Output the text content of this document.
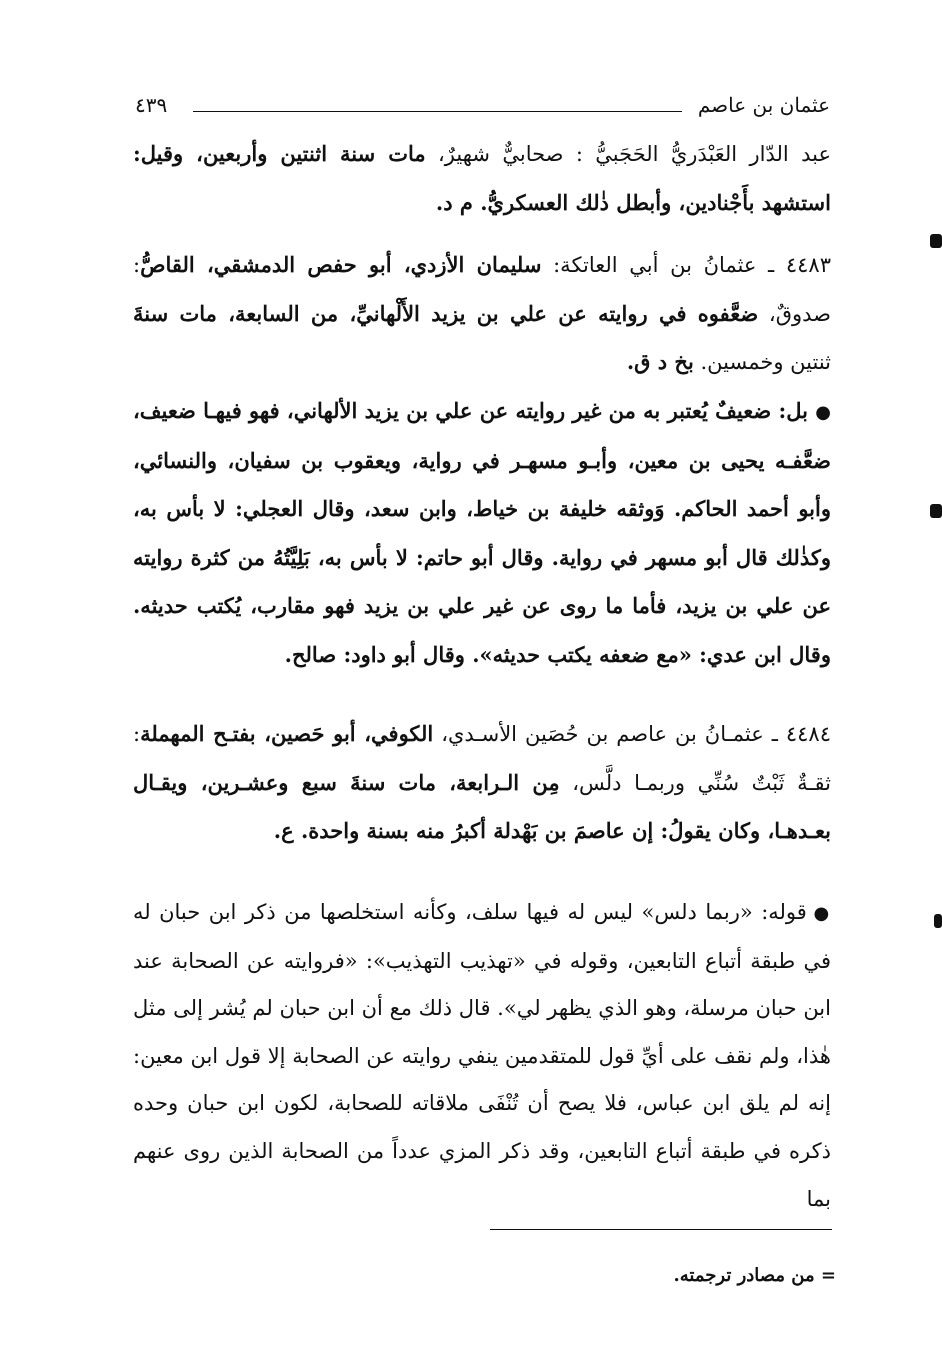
عثمان بن عاصم
٤٣٩

عبد الدّار العَبْدَريُّ الحَجَبيُّ : صحابيٌّ شهيرٌ، مات سنة اثنتين وأربعين، وقيل: استشهد بأَجْنادين، وأبطل ذٰلك العسكريُّ. م د.

٤٤٨٣ ـ عثمانُ بن أبي العاتكة: سليمان الأزدي، أبو حفص الدمشقي، القاصُّ: صدوقٌ، ضعَّفوه في روايته عن علي بن يزيد الأَلْهانيِّ، من السابعة، مات سنةَ ثنتين وخمسين. بخ د ق.

● بل: ضعيفٌ يُعتبر به من غير روايته عن علي بن يزيد الألهاني، فهو فيهـا ضعيف، ضعَّفـه يحيى بن معين، وأبـو مسهـر في رواية، ويعقوب بن سفيان، والنسائي، وأبو أحمد الحاكم. وَوثقه خليفة بن خياط، وابن سعد، وقال العجلي: لا بأس به، وكذٰلك قال أبو مسهر في رواية. وقال أبو حاتم: لا بأس به، بَلِيَّتُهُ من كثرة روايته عن علي بن يزيد، فأما ما روى عن غير علي بن يزيد فهو مقارب، يُكتب حديثه. وقال ابن عدي: «مع ضعفه يكتب حديثه». وقال أبو داود: صالح.

٤٤٨٤ ـ عثمـانُ بن عاصم بن حُصَين الأسـدي، الكوفي، أبو حَصين، بفتـح المهملة: ثقـةٌ ثَبْتٌ سُنِّي وربمـا دلَّس، مِن الـرابعة، مات سنةَ سبع وعشـرين، ويقـال بعـدهـا، وكان يقولُ: إن عاصمَ بن بَهْدلة أكبرُ منه بسنة واحدة. ع.

● قوله: «ربما دلس» ليس له فيها سلف، وكأنه استخلصها من ذكر ابن حبان له في طبقة أتباع التابعين، وقوله في «تهذيب التهذيب»: «فروايته عن الصحابة عند ابن حبان مرسلة، وهو الذي يظهر لي». قال ذلك مع أن ابن حبان لم يُشر إلى مثل هٰذا، ولم نقف على أيِّ قول للمتقدمين ينفي روايته عن الصحابة إلا قول ابن معين: إنه لم يلق ابن عباس، فلا يصح أن تُنْفَى ملاقاته للصحابة، لكون ابن حبان وحده ذكره في طبقة أتباع التابعين، وقد ذكر المزي عدداً من الصحابة الذين روى عنهم بما

= من مصادر ترجمته.
